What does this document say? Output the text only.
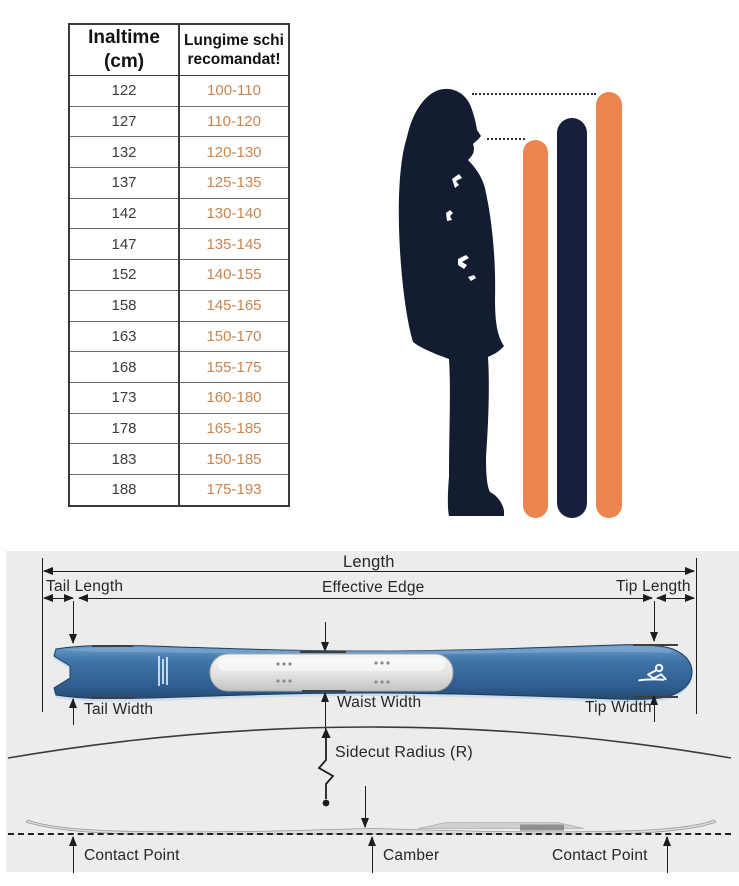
Inaltime (cm)	Lungime schi recomandat!
122	100-110
127	110-120
132	120-130
137	125-135
142	130-140
147	135-145
152	140-155
158	145-165
163	150-170
168	155-175
173	160-180
178	165-185
183	150-185
188	175-193
Length
Tail Length	Effective Edge	Tip Length
Tail Width	Waist Width	Tip Width
Sidecut Radius (R)
Contact Point	Camber	Contact Point
